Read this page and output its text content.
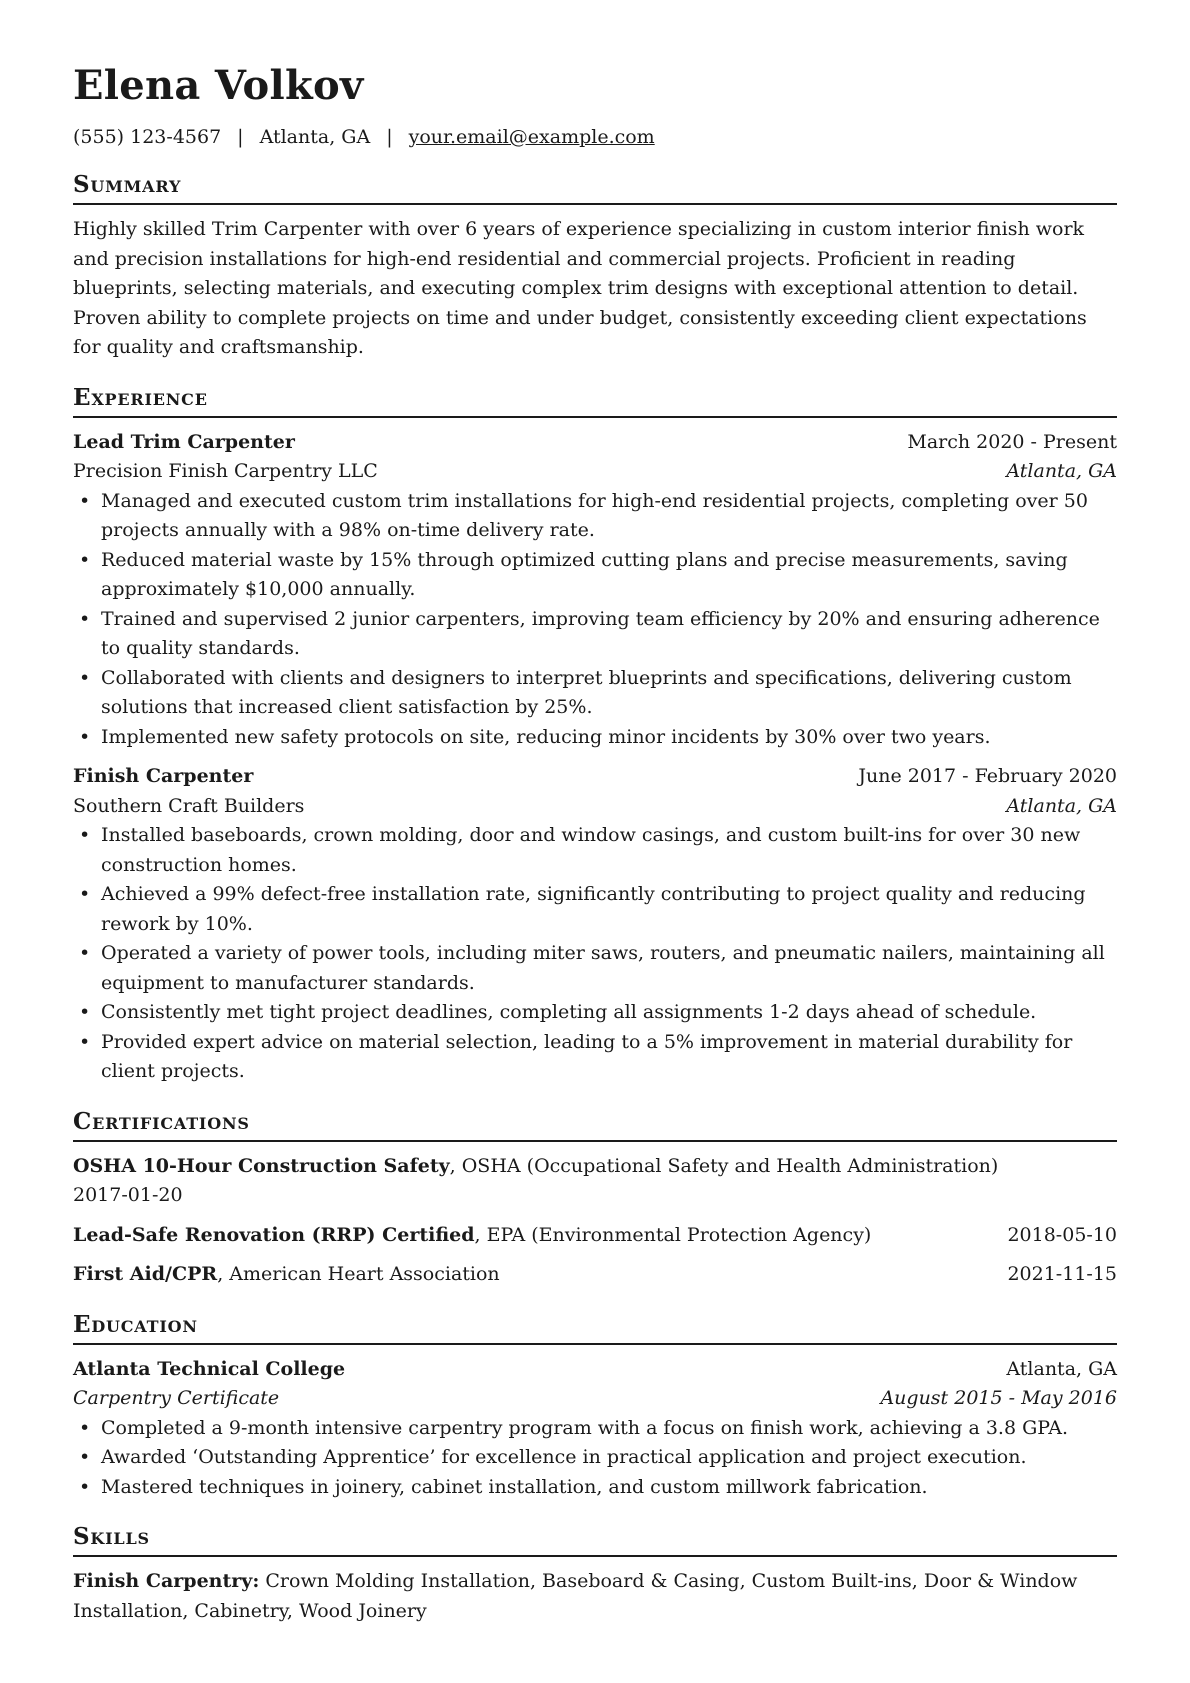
Elena Volkov
(555) 123-4567 | Atlanta, GA | your.email@example.com
Summary

Highly skilled Trim Carpenter with over 6 years of experience specializing in custom interior finish work and precision installations for high-end residential and commercial projects. Proficient in reading blueprints, selecting materials, and executing complex trim designs with exceptional attention to detail. Proven ability to complete projects on time and under budget, consistently exceeding client expectations for quality and craftsmanship.

Experience
Lead Trim Carpenter	March 2020 - Present
Precision Finish Carpentry LLC	Atlanta, GA
• Managed and executed custom trim installations for high-end residential projects, completing over 50 projects annually with a 98% on-time delivery rate.
• Reduced material waste by 15% through optimized cutting plans and precise measurements, saving approximately $10,000 annually.
• Trained and supervised 2 junior carpenters, improving team efficiency by 20% and ensuring adherence to quality standards.
• Collaborated with clients and designers to interpret blueprints and specifications, delivering custom solutions that increased client satisfaction by 25%.
• Implemented new safety protocols on site, reducing minor incidents by 30% over two years.
Finish Carpenter	June 2017 - February 2020
Southern Craft Builders	Atlanta, GA
• Installed baseboards, crown molding, door and window casings, and custom built-ins for over 30 new construction homes.
• Achieved a 99% defect-free installation rate, significantly contributing to project quality and reducing rework by 10%.
• Operated a variety of power tools, including miter saws, routers, and pneumatic nailers, maintaining all equipment to manufacturer standards.
• Consistently met tight project deadlines, completing all assignments 1-2 days ahead of schedule.
• Provided expert advice on material selection, leading to a 5% improvement in material durability for client projects.
Certifications
OSHA 10-Hour Construction Safety, OSHA (Occupational Safety and Health Administration)
2017-01-20
Lead-Safe Renovation (RRP) Certified, EPA (Environmental Protection Agency)	2018-05-10
First Aid/CPR, American Heart Association	2021-11-15
Education
Atlanta Technical College	Atlanta, GA
Carpentry Certificate	August 2015 - May 2016
• Completed a 9-month intensive carpentry program with a focus on finish work, achieving a 3.8 GPA.
• Awarded ‘Outstanding Apprentice’ for excellence in practical application and project execution.
• Mastered techniques in joinery, cabinet installation, and custom millwork fabrication.
Skills
Finish Carpentry: Crown Molding Installation, Baseboard & Casing, Custom Built-ins, Door & Window Installation, Cabinetry, Wood Joinery
